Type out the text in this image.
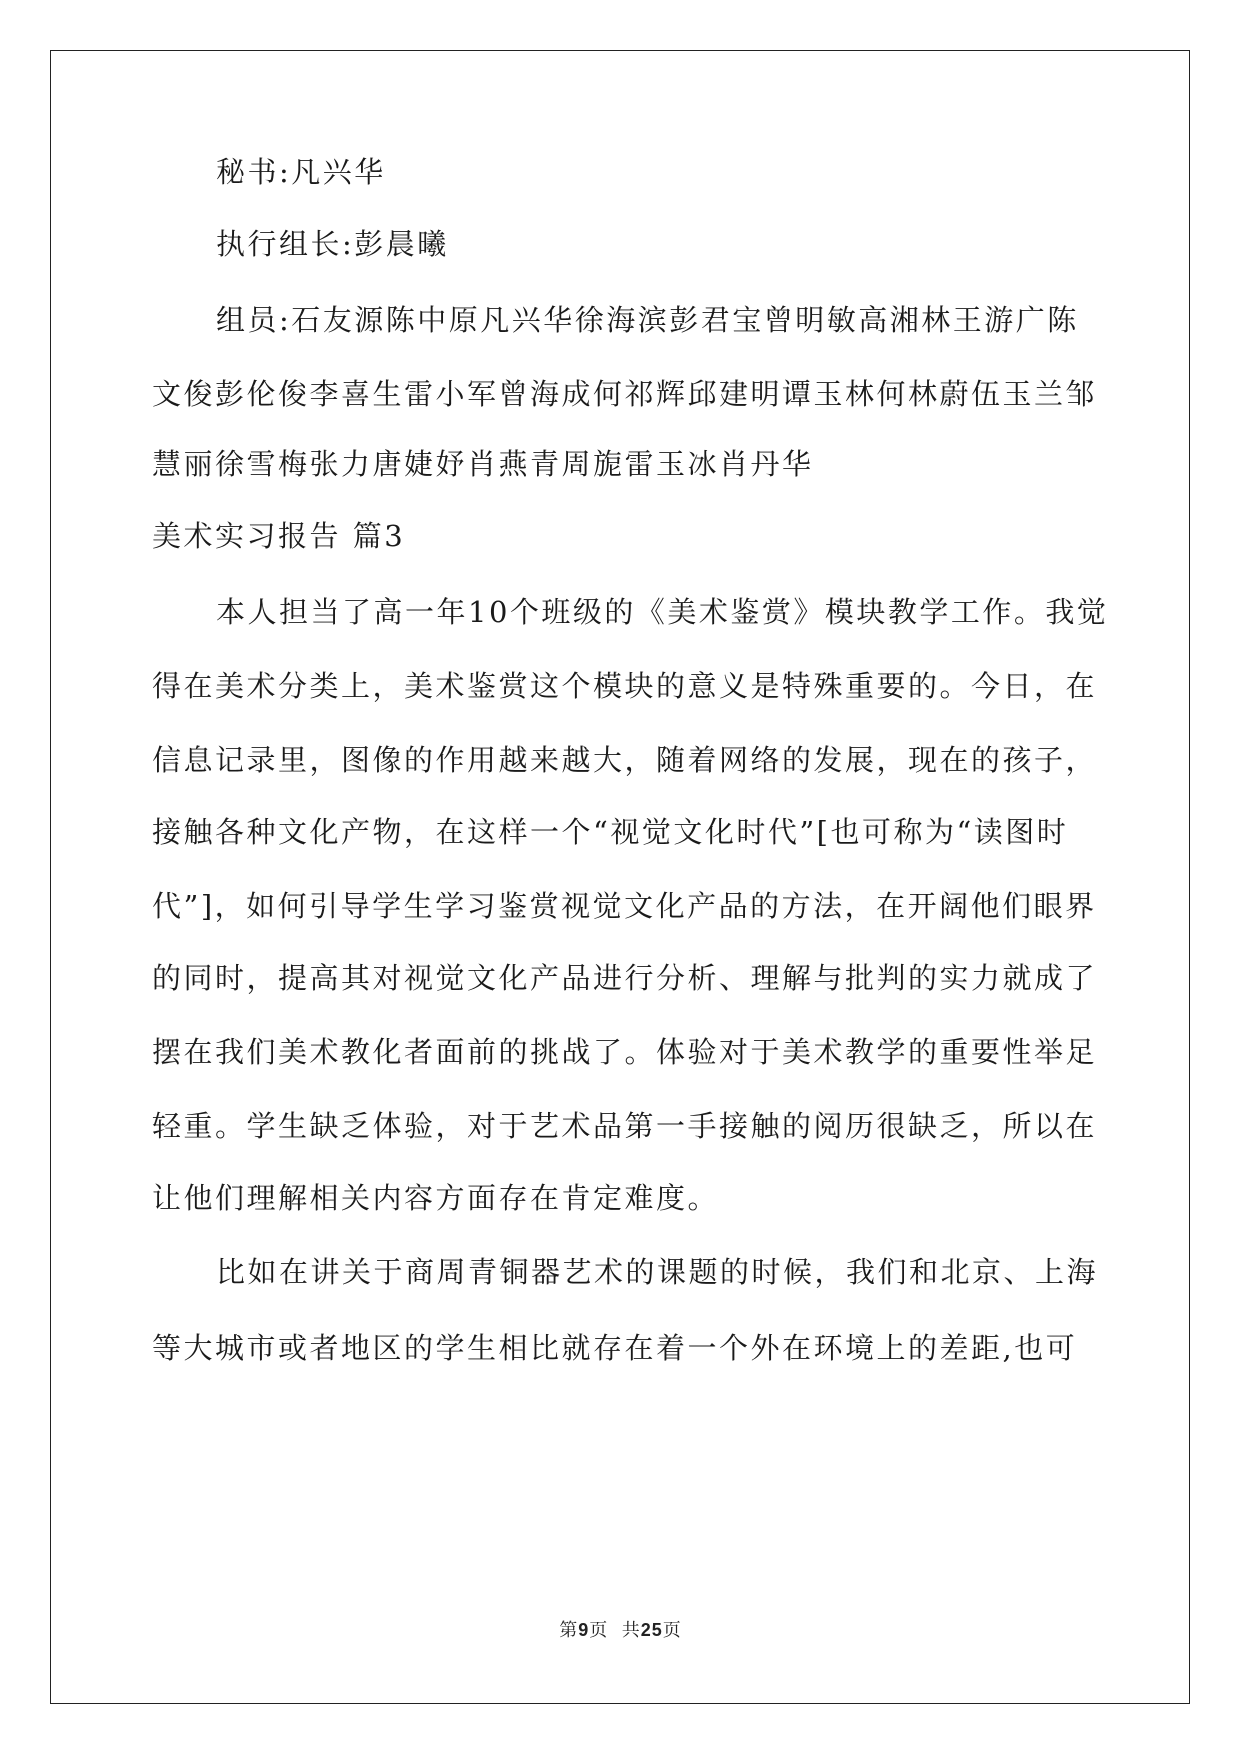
秘书:凡兴华
执行组长:彭晨曦
组员:石友源陈中原凡兴华徐海滨彭君宝曾明敏高湘林王游广陈
文俊彭伦俊李喜生雷小军曾海成何祁辉邱建明谭玉林何林蔚伍玉兰邹
慧丽徐雪梅张力唐婕妤肖燕青周旎雷玉冰肖丹华
美术实习报告 篇3
本人担当了高一年10个班级的《美术鉴赏》模块教学工作。我觉
得在美术分类上，美术鉴赏这个模块的意义是特殊重要的。今日，在
信息记录里，图像的作用越来越大，随着网络的发展，现在的孩子，
接触各种文化产物，在这样一个“视觉文化时代”[也可称为“读图时
代”]，如何引导学生学习鉴赏视觉文化产品的方法，在开阔他们眼界
的同时，提高其对视觉文化产品进行分析、理解与批判的实力就成了
摆在我们美术教化者面前的挑战了。体验对于美术教学的重要性举足
轻重。学生缺乏体验，对于艺术品第一手接触的阅历很缺乏，所以在
让他们理解相关内容方面存在肯定难度。
比如在讲关于商周青铜器艺术的课题的时候，我们和北京、上海
等大城市或者地区的学生相比就存在着一个外在环境上的差距,也可
第9页  共25页
